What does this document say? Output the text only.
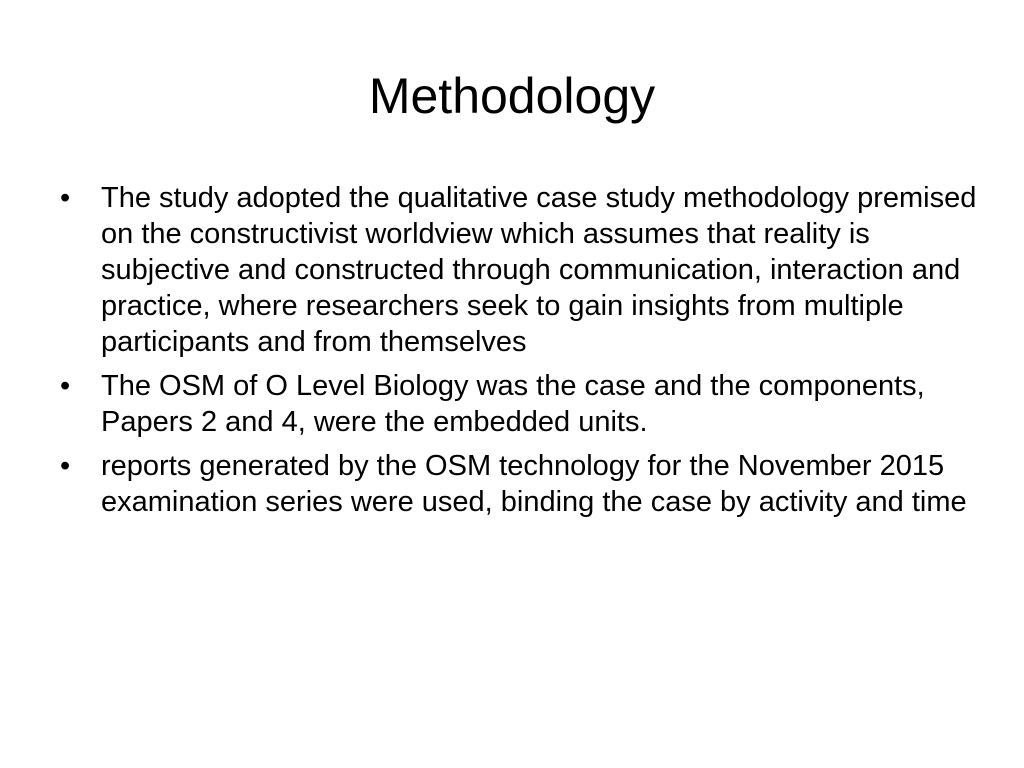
Methodology
•	The study adopted the qualitative case study methodology premised on the constructivist worldview which assumes that reality is subjective and constructed through communication, interaction and practice, where researchers seek to gain insights from multiple participants and from themselves
•	The OSM of O Level Biology was the case and the components, Papers 2 and 4, were the embedded units.
•	reports generated by the OSM technology for the November 2015 examination series were used, binding the case by activity and time
